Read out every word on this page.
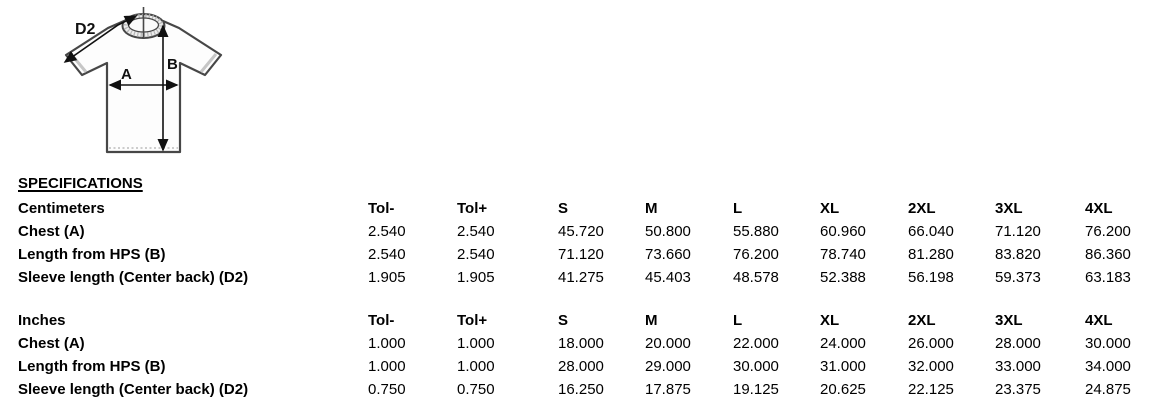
D2
B
A
SPECIFICATIONS
Centimeters	Tol-	Tol+	S	M	L	XL	2XL	3XL	4XL
Chest (A)	2.540	2.540	45.720	50.800	55.880	60.960	66.040	71.120	76.200
Length from HPS (B)	2.540	2.540	71.120	73.660	76.200	78.740	81.280	83.820	86.360
Sleeve length (Center back) (D2)	1.905	1.905	41.275	45.403	48.578	52.388	56.198	59.373	63.183

Inches	Tol-	Tol+	S	M	L	XL	2XL	3XL	4XL
Chest (A)	1.000	1.000	18.000	20.000	22.000	24.000	26.000	28.000	30.000
Length from HPS (B)	1.000	1.000	28.000	29.000	30.000	31.000	32.000	33.000	34.000
Sleeve length (Center back) (D2)	0.750	0.750	16.250	17.875	19.125	20.625	22.125	23.375	24.875
